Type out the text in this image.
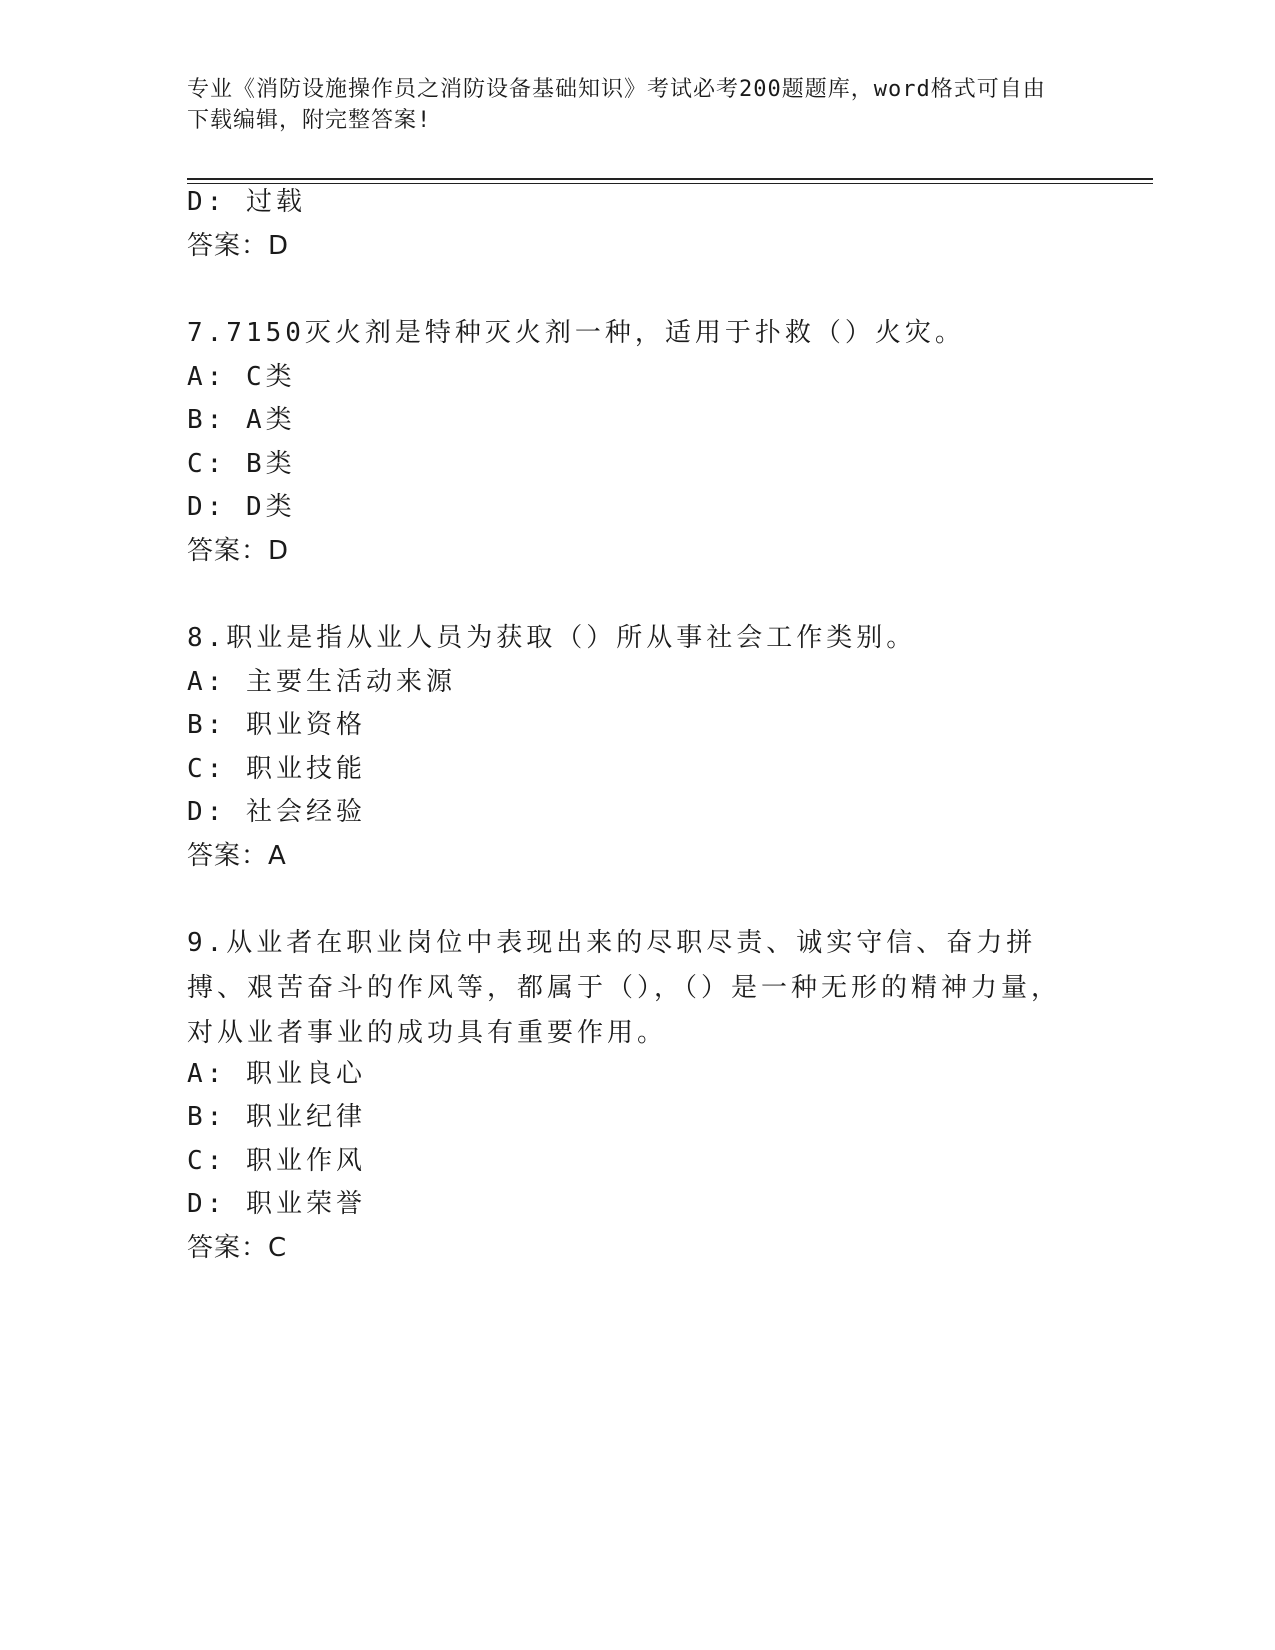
专业《消防设施操作员之消防设备基础知识》考试必考200题题库，word格式可自由下载编辑，附完整答案!
D: 过载
答案：D
7.7150灭火剂是特种灭火剂一种，适用于扑救（）火灾。
A: C类
B: A类
C: B类
D: D类
答案：D
8.职业是指从业人员为获取（）所从事社会工作类别。
A: 主要生活动来源
B: 职业资格
C: 职业技能
D: 社会经验
答案：A
9.从业者在职业岗位中表现出来的尽职尽责、诚实守信、奋力拼搏、艰苦奋斗的作风等，都属于（），（）是一种无形的精神力量，对从业者事业的成功具有重要作用。
A: 职业良心
B: 职业纪律
C: 职业作风
D: 职业荣誉
答案：C
